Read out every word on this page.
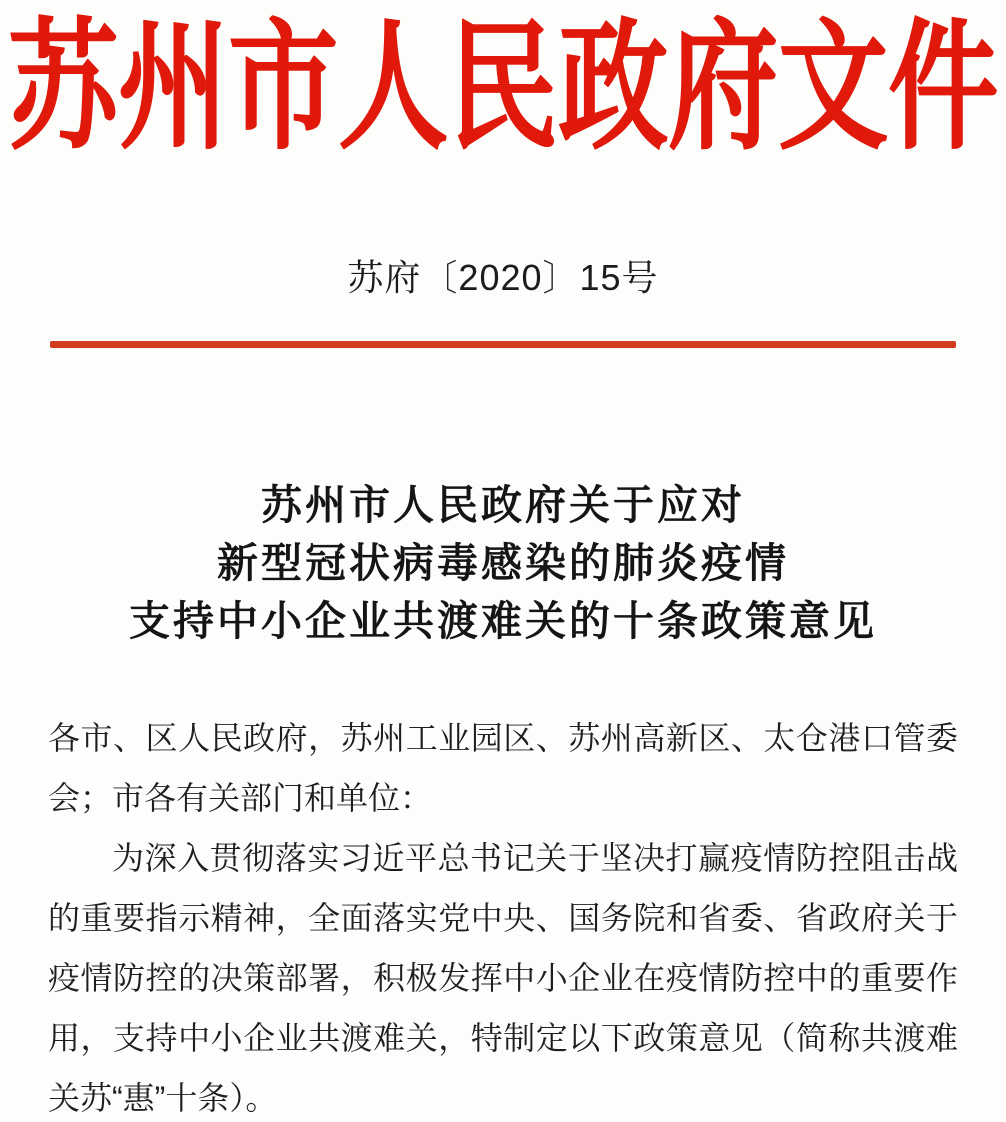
苏州市人民政府文件
苏府〔2020〕15号
苏州市人民政府关于应对
新型冠状病毒感染的肺炎疫情
支持中小企业共渡难关的十条政策意见

各市、区人民政府，苏州工业园区、苏州高新区、太仓港口管委会；市各有关部门和单位：

为深入贯彻落实习近平总书记关于坚决打赢疫情防控阻击战的重要指示精神，全面落实党中央、国务院和省委、省政府关于疫情防控的决策部署，积极发挥中小企业在疫情防控中的重要作用，支持中小企业共渡难关，特制定以下政策意见（简称共渡难关苏“惠”十条）。
